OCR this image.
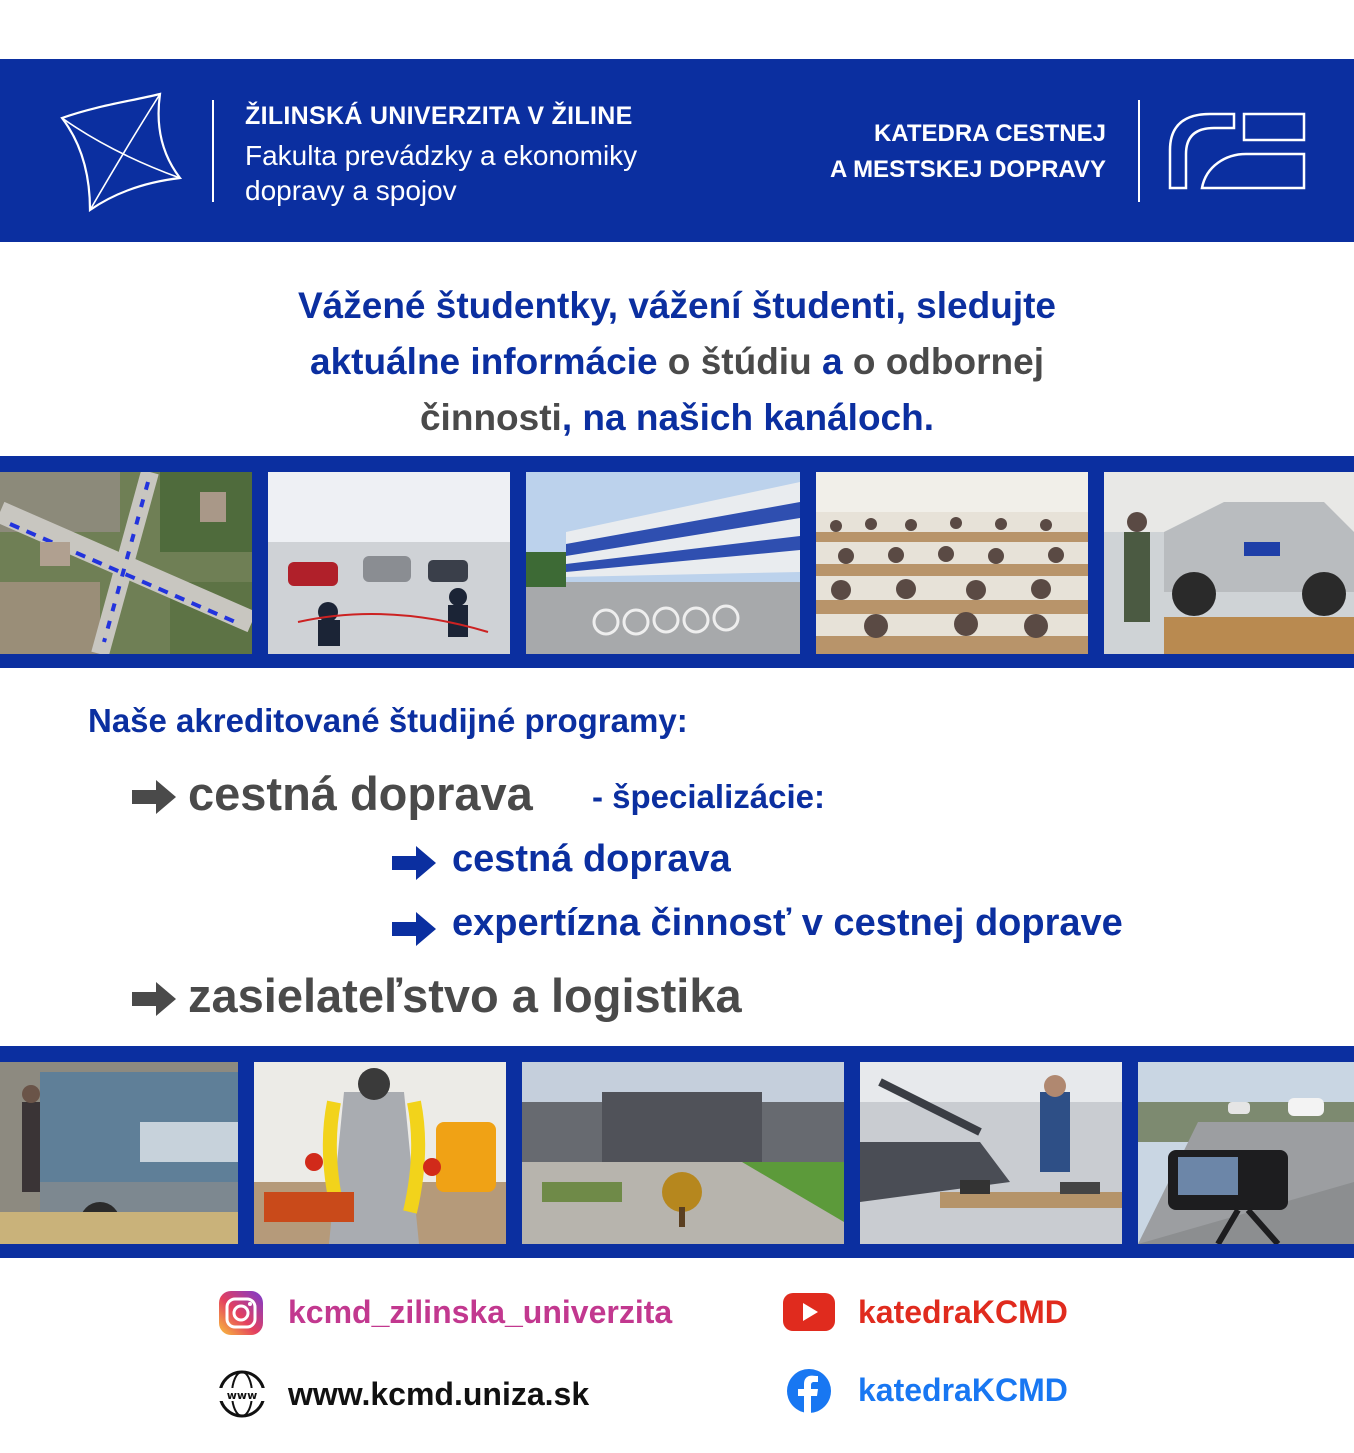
ŽILINSKÁ UNIVERZITA V ŽILINE
Fakulta prevádzky a ekonomiky
dopravy a spojov
KATEDRA CESTNEJ
A MESTSKEJ DOPRAVY
Vážené študentky, vážení študenti, sledujte
aktuálne informácie o štúdiu a o odbornej
činnosti, na našich kanáloch.
Naše akreditované študijné programy:
cestná doprava - špecializácie:
cestná doprava
expertízna činnosť v cestnej doprave
zasielateľstvo a logistika
kcmd_zilinska_univerzita	katedraKCMD
www www.kcmd.uniza.sk	katedraKCMD
